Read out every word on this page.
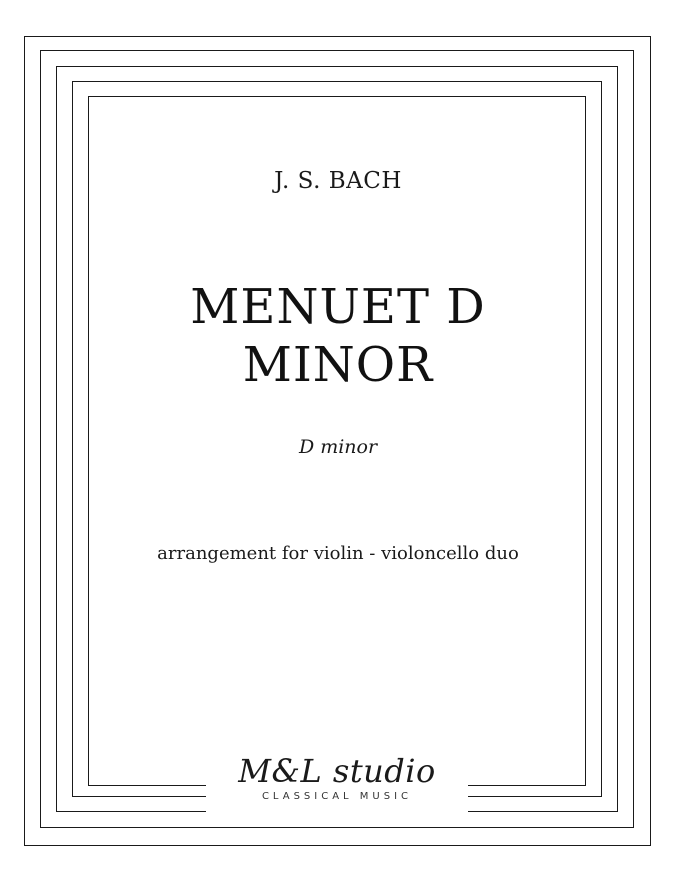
J. S. BACH
MENUET D
MINOR
D minor
arrangement for violin - violoncello duo
M&L studio
CLASSICAL MUSIC
